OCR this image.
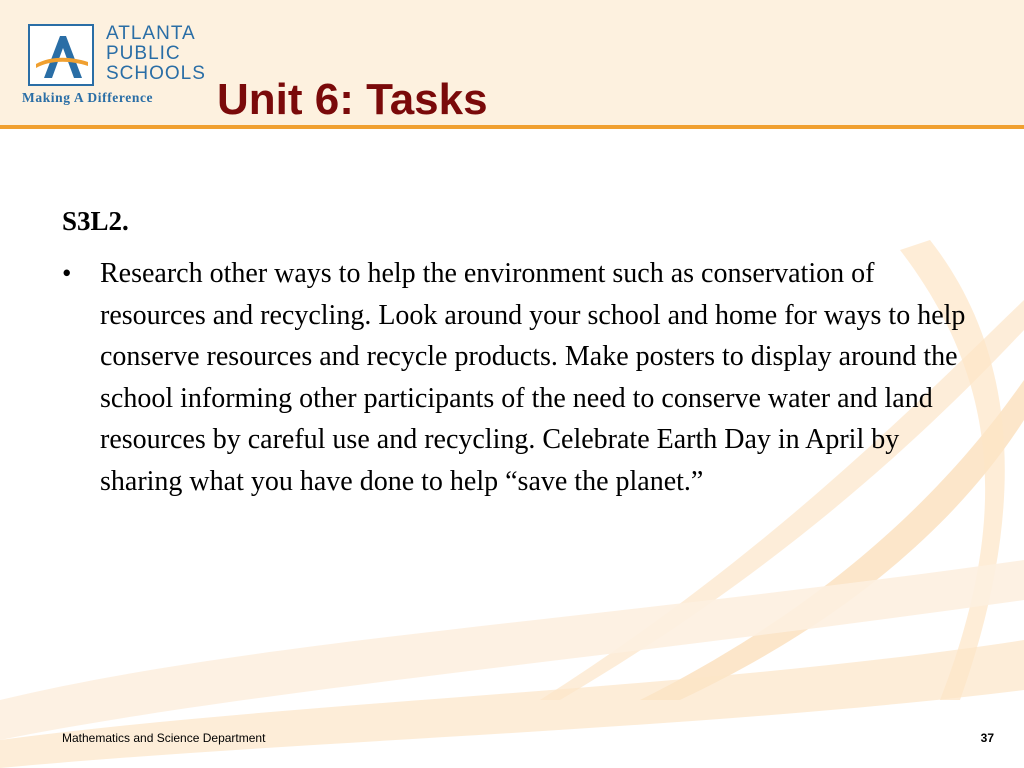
ATLANTA
PUBLIC
SCHOOLS
Making A Difference Unit 6: Tasks
S3L2.
• Research other ways to help the environment such as conservation of resources and recycling. Look around your school and home for ways to help conserve resources and recycle products. Make posters to display around the school informing other participants of the need to conserve water and land resources by careful use and recycling. Celebrate Earth Day in April by sharing what you have done to help “save the planet.”
Mathematics and Science Department	37
